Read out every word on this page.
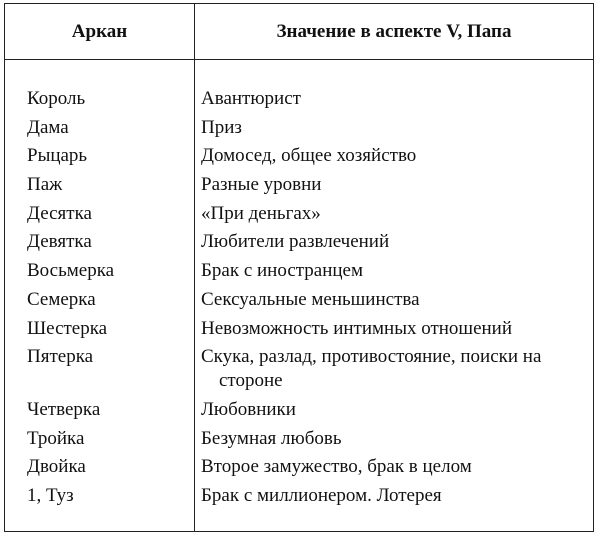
Аркан	Значение в аспекте V, Папа
Король	Авантюрист
Дама	Приз
Рыцарь	Домосед, общее хозяйство
Паж	Разные уровни
Десятка	«При деньгах»
Девятка	Любители развлечений
Восьмерка	Брак с иностранцем
Семерка	Сексуальные меньшинства
Шестерка	Невозможность интимных отношений
Пятерка	Скука, разлад, противостояние, поиски на
стороне
Четверка	Любовники
Тройка	Безумная любовь
Двойка	Второе замужество, брак в целом
1, Туз	Брак с миллионером. Лотерея
